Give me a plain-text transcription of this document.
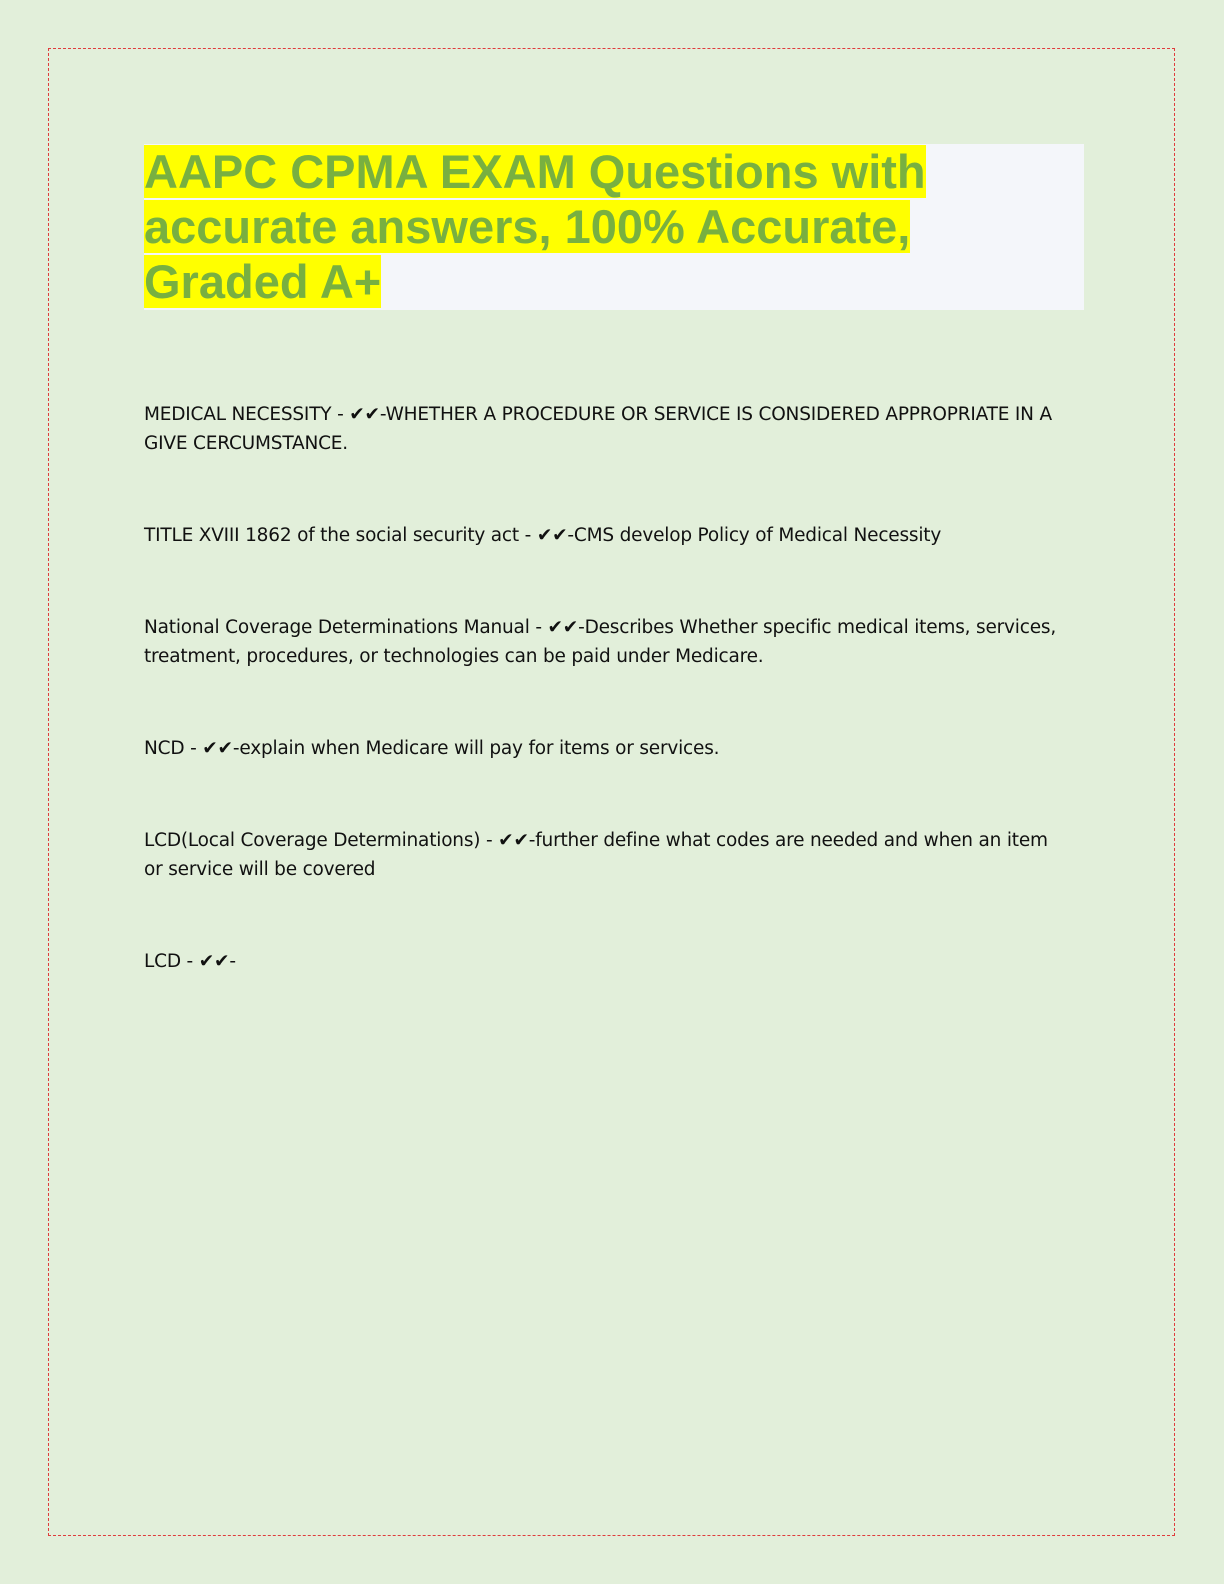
AAPC CPMA EXAM Questions with accurate answers, 100% Accurate, Graded A+

MEDICAL NECESSITY - ✔✔-WHETHER A PROCEDURE OR SERVICE IS CONSIDERED APPROPRIATE IN A GIVE CERCUMSTANCE.

TITLE XVIII 1862 of the social security act - ✔✔-CMS develop Policy of Medical Necessity

National Coverage Determinations Manual - ✔✔-Describes Whether specific medical items, services, treatment, procedures, or technologies can be paid under Medicare.

NCD - ✔✔-explain when Medicare will pay for items or services.

LCD(Local Coverage Determinations) - ✔✔-further define what codes are needed and when an item or service will be covered

LCD - ✔✔-
